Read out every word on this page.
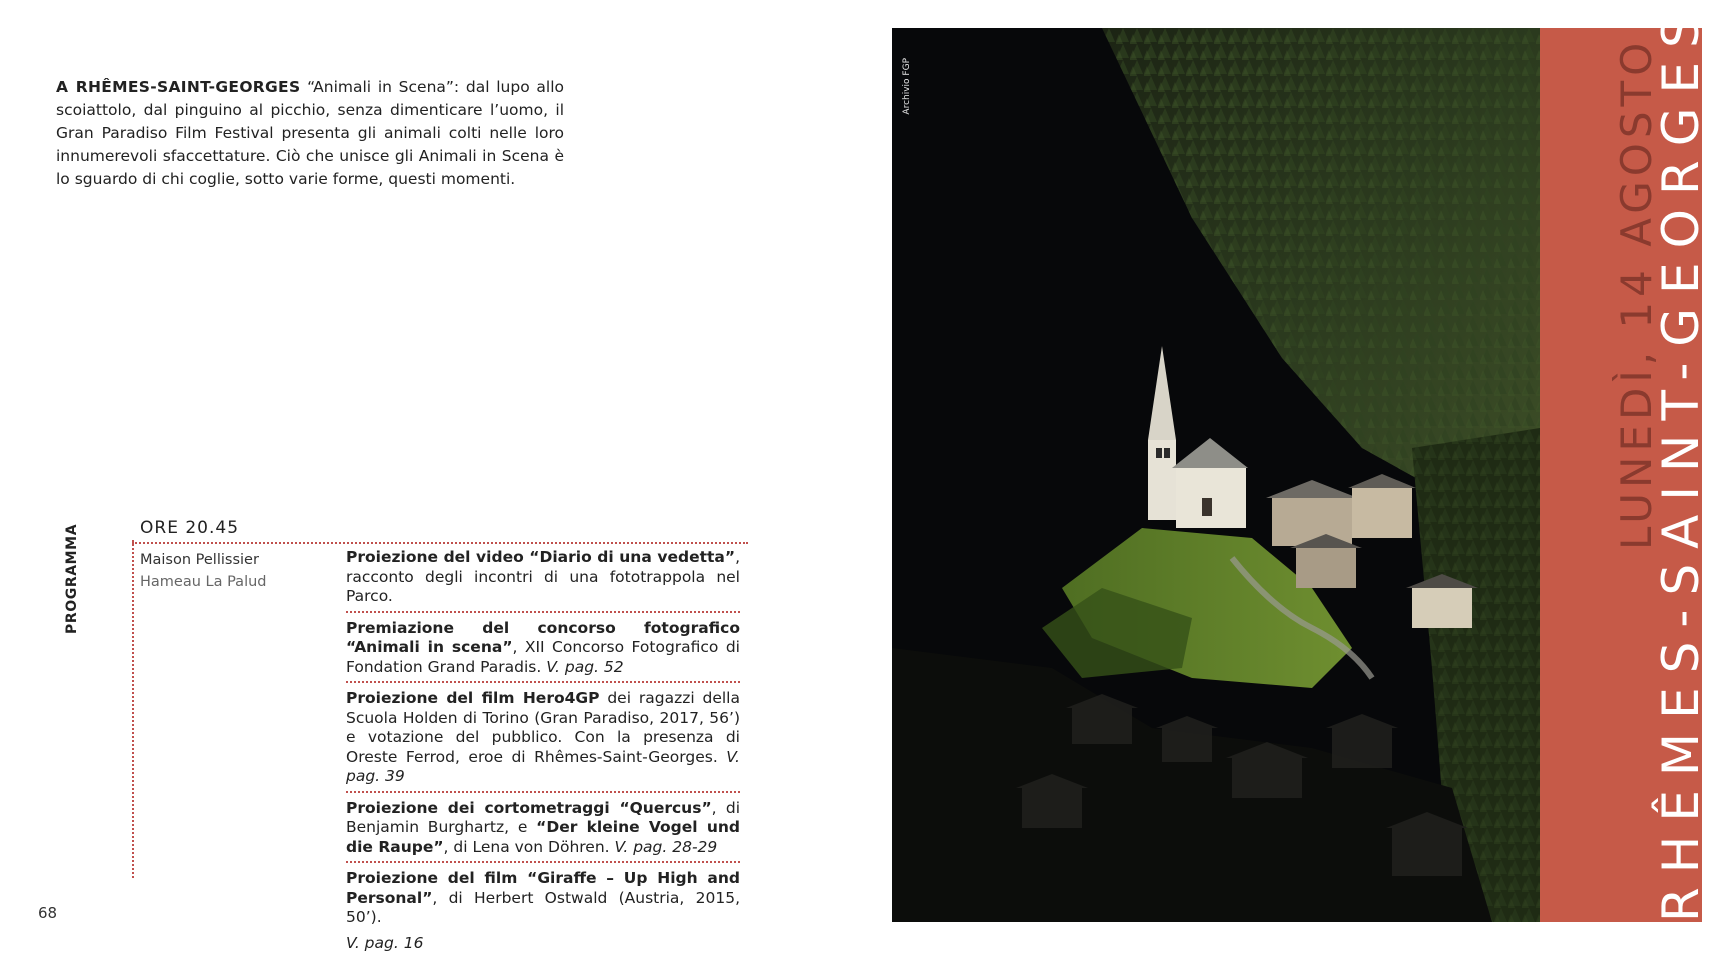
A RHÊMES-SAINT-GEORGES “Animali in Scena”: dal lupo allo scoiattolo, dal pinguino al picchio, senza dimenticare l’uomo, il Gran Paradiso Film Festival presenta gli animali colti nelle loro innumerevoli sfaccettature. Ciò che unisce gli Animali in Scena è lo sguardo di chi coglie, sotto varie forme, questi momenti.

PROGRAMMA	ORE 20.45
Maison Pellissier
Hameau La Palud
Proiezione del video “Diario di una vedetta”, racconto degli incontri di una fototrappola nel Parco.
Premiazione del concorso fotografico “Animali in scena”, XII Concorso Fotografico di Fondation Grand Paradis. V. pag. 52
Proiezione del film Hero4GP dei ragazzi della Scuola Holden di Torino (Gran Paradiso, 2017, 56’) e votazione del pubblico. Con la presenza di Oreste Ferrod, eroe di Rhêmes-Saint-Georges. V. pag. 39
Proiezione dei cortometraggi “Quercus”, di Benjamin Burghartz, e “Der kleine Vogel und die Raupe”, di Lena von Döhren. V. pag. 28-29
Proiezione del film “Giraffe – Up High and Personal”, di Herbert Ostwald (Austria, 2015, 50’).
V. pag. 16
68
Archivio FGP	LUNEDÌ, 14 AGOSTO
RHÊMES-SAINT-GEORGES
